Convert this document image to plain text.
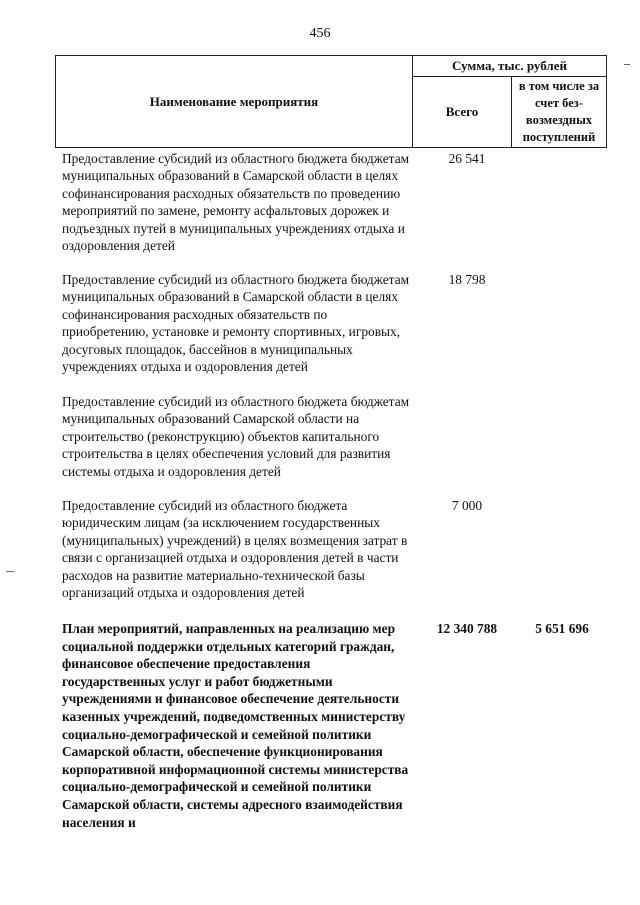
456
Наименование мероприятия
Сумма, тыс. рублей
Всего
в том числе за счет без-возмездных поступлений
Предоставление субсидий из областного бюджета бюджетам муниципальных образований в Самарской области в целях софинансирования расходных обязательств по проведению мероприятий по замене, ремонту асфальтовых дорожек и подъездных путей в муниципальных учреждениях отдыха и оздоровления детей
26 541
Предоставление субсидий из областного бюджета бюджетам муниципальных образований в Самарской области в целях софинансирования расходных обязательств по приобретению, установке и ремонту спортивных, игровых, досуговых площадок, бассейнов в муниципальных учреждениях отдыха и оздоровления детей
18 798
Предоставление субсидий из областного бюджета бюджетам муниципальных образований Самарской области на строительство (реконструкцию) объектов капитального строительства в целях обеспечения условий для развития системы отдыха и оздоровления детей
Предоставление субсидий из областного бюджета юридическим лицам (за исключением государственных (муниципальных) учреждений) в целях возмещения затрат в связи с организацией отдыха и оздоровления детей в части расходов на развитие материально-технической базы организаций отдыха и оздоровления детей
7 000
План мероприятий, направленных на реализацию мер социальной поддержки отдельных категорий граждан, финансовое обеспечение предоставления государственных услуг и работ бюджетными учреждениями и финансовое обеспечение деятельности казенных учреждений, подведомственных министерству социально-демографической и семейной политики Самарской области, обеспечение функционирования корпоративной информационной системы министерства социально-демографической и семейной политики Самарской области, системы адресного взаимодействия населения и
12 340 788	5 651 696
